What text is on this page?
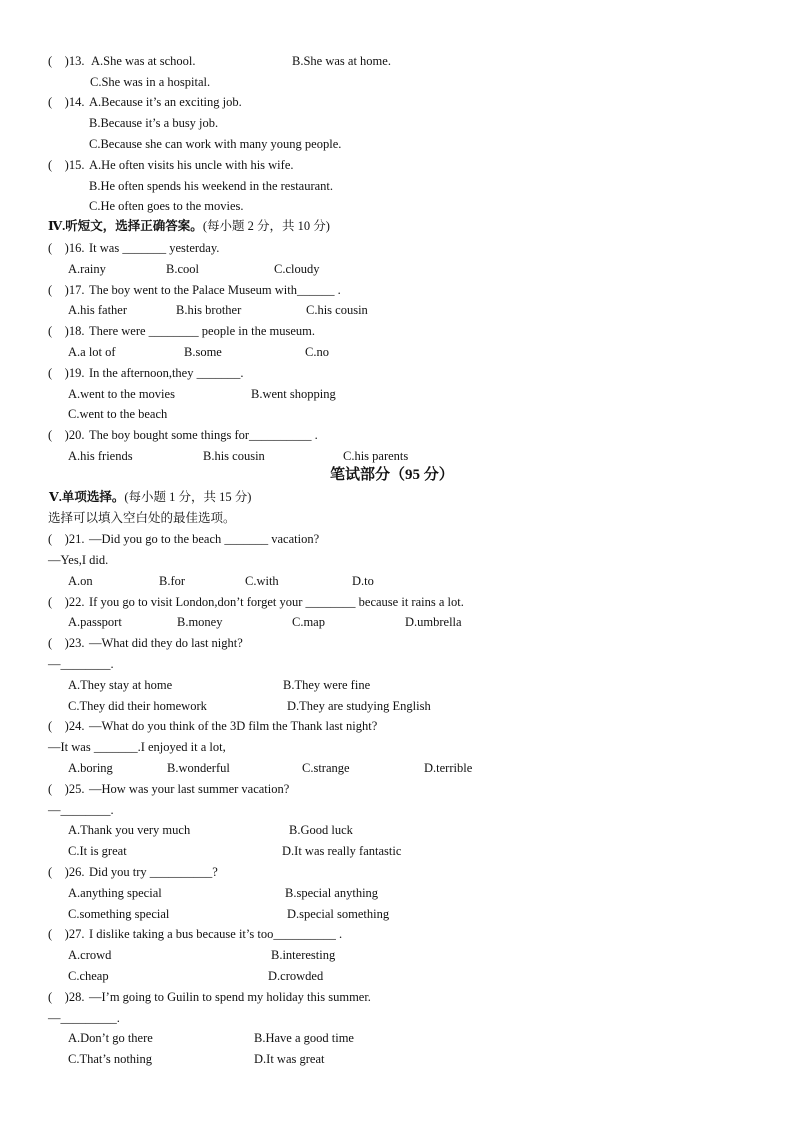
(　)13. A.She was at school.	B.She was at home.
C.She was in a hospital.
(　)14. A.Because it’s an exciting job.
B.Because it’s a busy job.
C.Because she can work with many young people.
(　)15. A.He often visits his uncle with his wife.
B.He often spends his weekend in the restaurant.
C.He often goes to the movies.
Ⅳ.听短文，选择正确答案。(每小题 2 分，共 10 分)
(　)16. It was _______ yesterday.
A.rainy	B.cool	C.cloudy
(　)17. The boy went to the Palace Museum with______ .
A.his father	B.his brother	C.his cousin
(　)18. There were ________ people in the museum.
A.a lot of	B.some	C.no
(　)19. In the afternoon,they _______.
A.went to the movies	B.went shopping
C.went to the beach
(　)20. The boy bought some things for__________ .
A.his friends	B.his cousin	C.his parents
笔试部分（95 分）
Ⅴ.单项选择。(每小题 1 分，共 15 分)
选择可以填入空白处的最佳选项。
(　)21. —Did you go to the beach _______ vacation?
—Yes,I did.
A.on	B.for	C.with	D.to
(　)22. If you go to visit London,don’t forget your ________ because it rains a lot.
A.passport	B.money	C.map	D.umbrella
(　)23. —What did they do last night?
—________.
A.They stay at home	B.They were fine
C.They did their homework	D.They are studying English
(　)24. —What do you think of the 3D film the Thank last night?
—It was _______.I enjoyed it a lot,
A.boring	B.wonderful	C.strange	D.terrible
(　)25. —How was your last summer vacation?
—________.
A.Thank you very much	B.Good luck
C.It is great	D.It was really fantastic
(　)26. Did you try __________?
A.anything special	B.special anything
C.something special	D.special something
(　)27. I dislike taking a bus because it’s too__________ .
A.crowd	B.interesting
C.cheap	D.crowded
(　)28. —I’m going to Guilin to spend my holiday this summer.
—_________.
A.Don’t go there	B.Have a good time
C.That’s nothing	D.It was great
